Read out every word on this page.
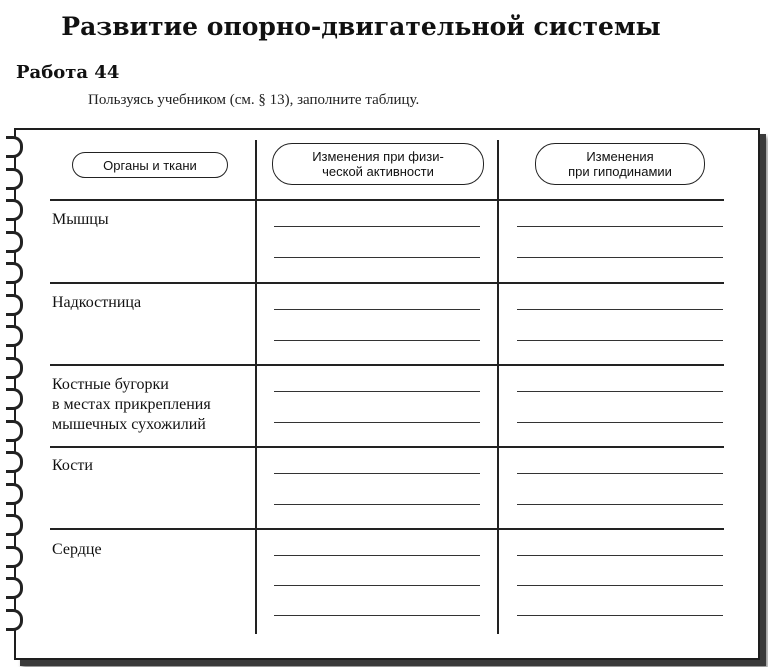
Развитие опорно-двигательной системы
Работа 44
Пользуясь учебником (см. § 13), заполните таблицу.
Органы и ткани
Изменения при физи-
ческой активности
Изменения
при гиподинамии
Мышцы
Надкостница
Костные бугорки
в местах прикрепления
мышечных сухожилий
Кости
Сердце
